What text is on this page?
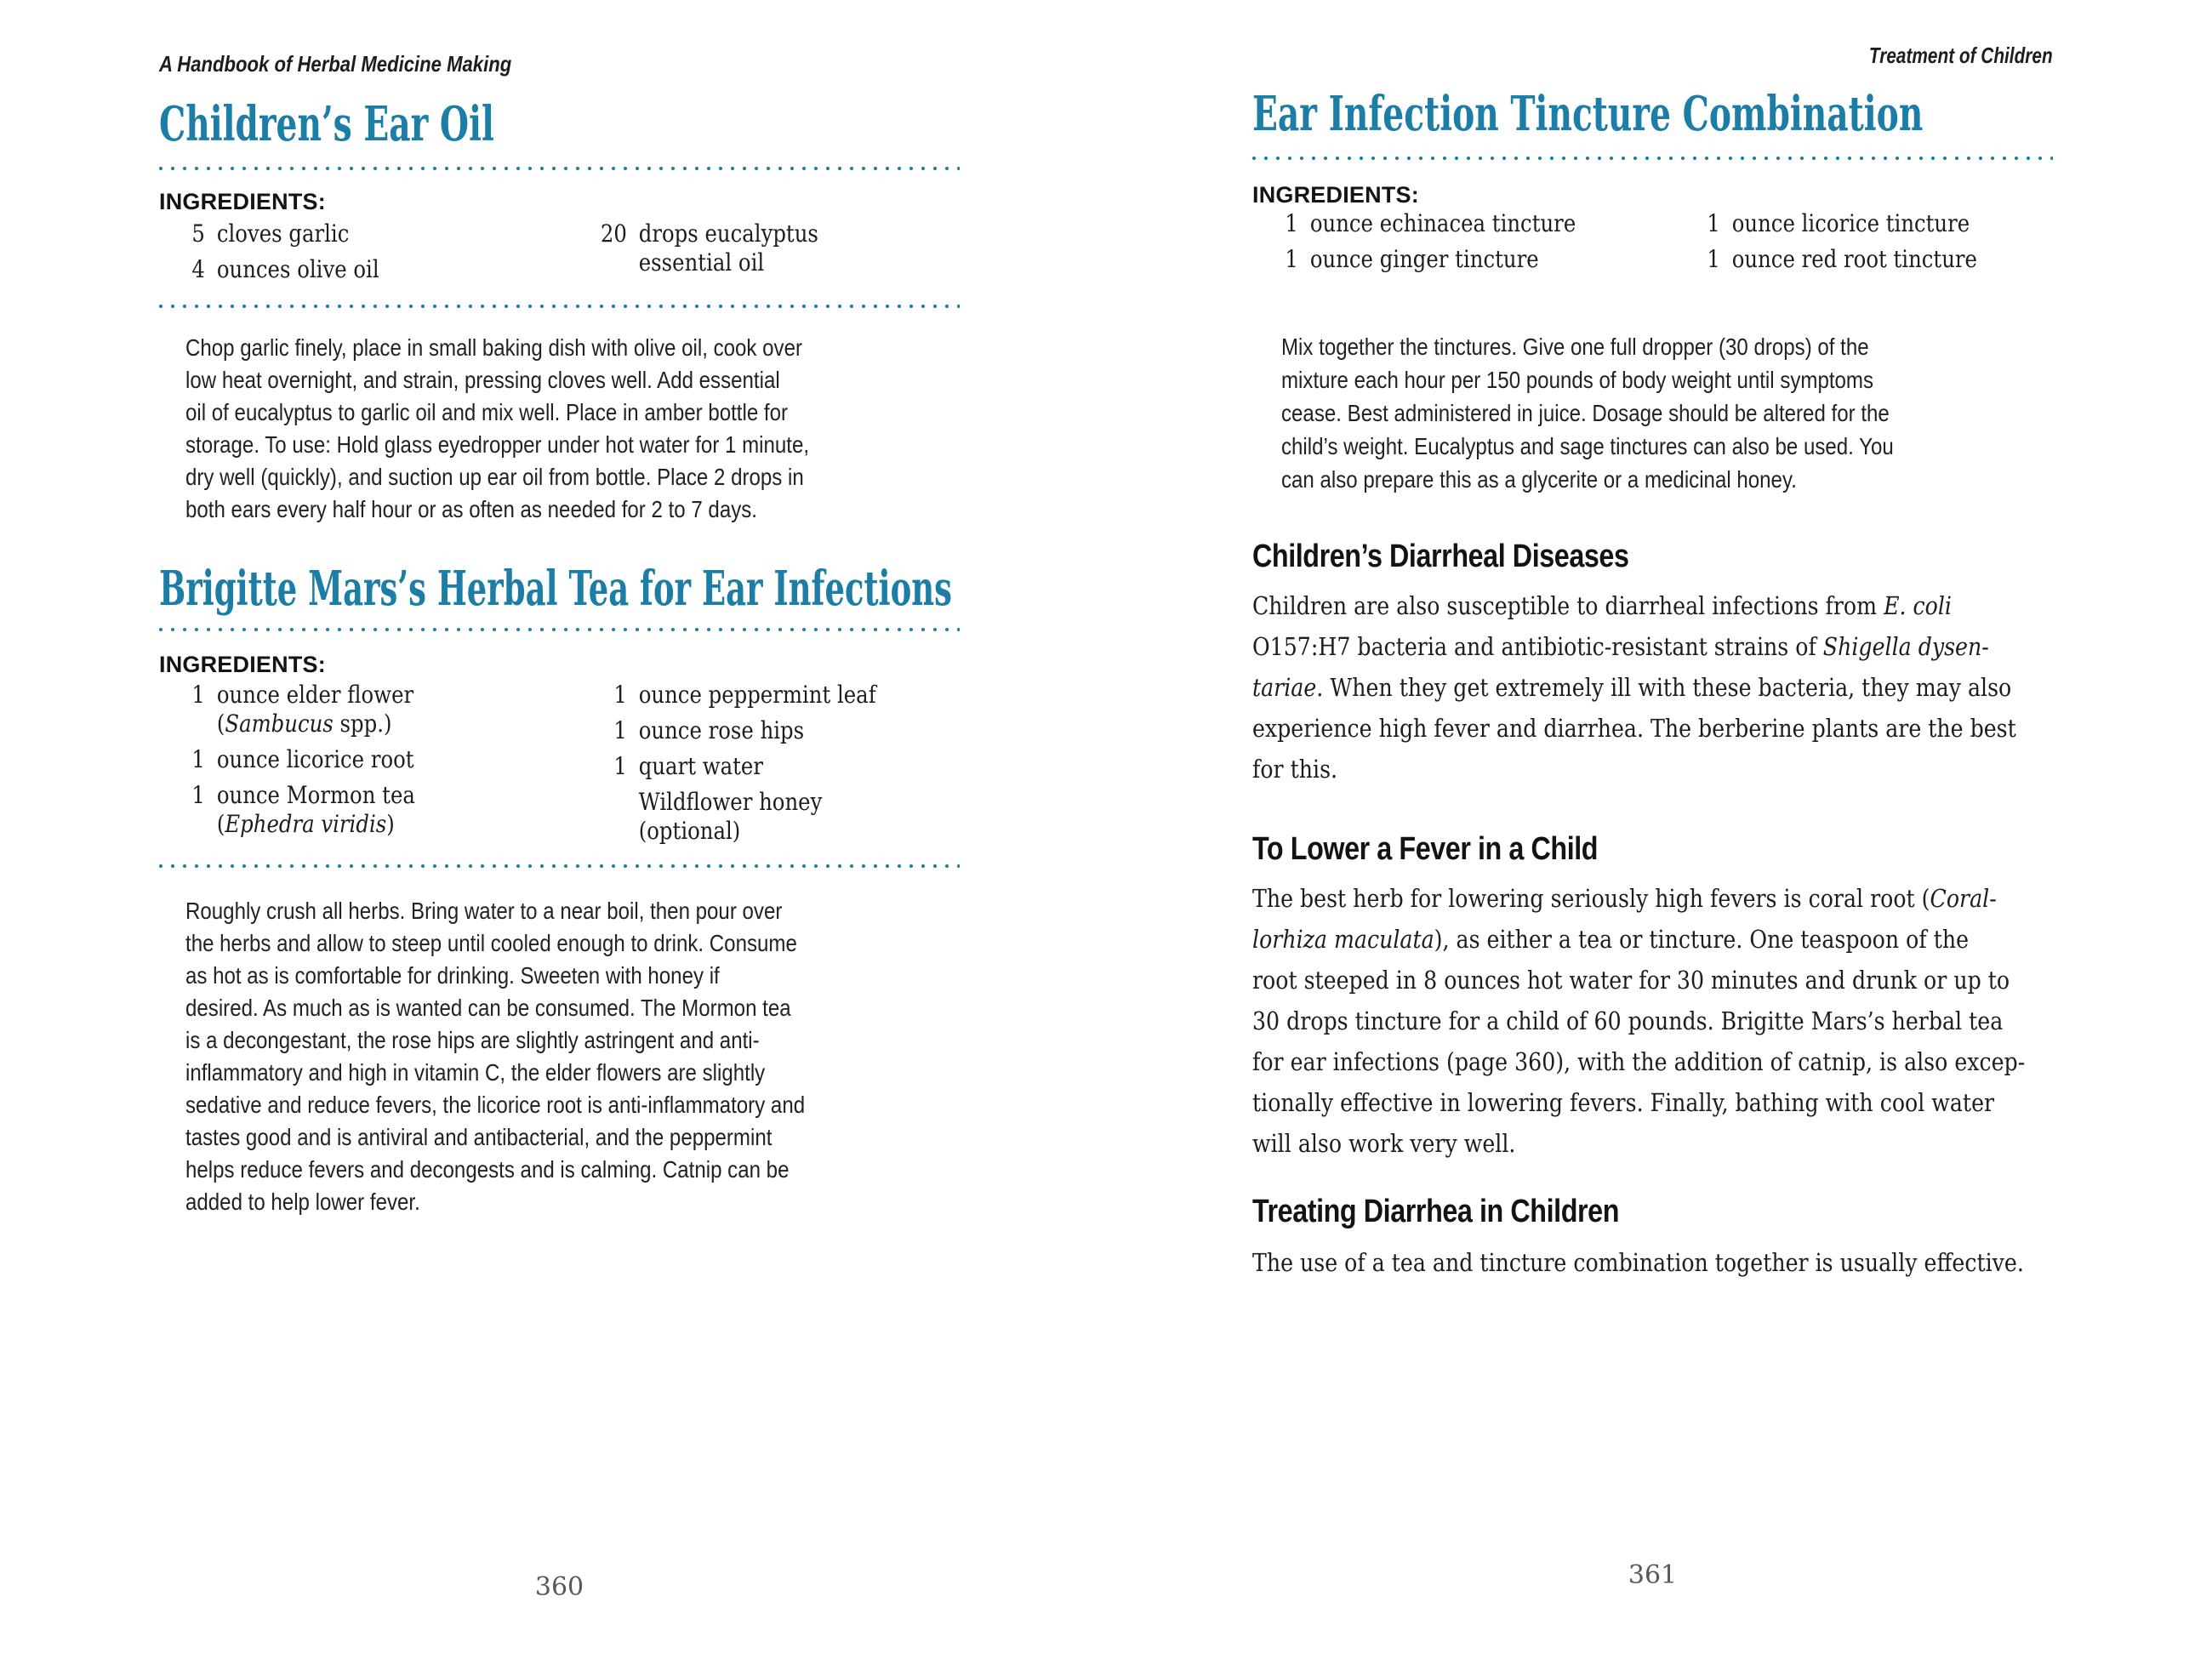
A Handbook of Herbal Medicine Making
Children’s Ear Oil
INGREDIENTS:
5 cloves garlic
4 ounces olive oil
20 drops eucalyptus
essential oil
Chop garlic finely, place in small baking dish with olive oil, cook over
low heat overnight, and strain, pressing cloves well. Add essential
oil of eucalyptus to garlic oil and mix well. Place in amber bottle for
storage. To use: Hold glass eyedropper under hot water for 1 minute,
dry well (quickly), and suction up ear oil from bottle. Place 2 drops in
both ears every half hour or as often as needed for 2 to 7 days.
Brigitte Mars’s Herbal Tea for Ear Infections
INGREDIENTS:
1 ounce elder flower
(Sambucus spp.)
1 ounce licorice root
1 ounce Mormon tea
(Ephedra viridis)
1 ounce peppermint leaf
1 ounce rose hips
1 quart water
Wildflower honey
(optional)
Roughly crush all herbs. Bring water to a near boil, then pour over
the herbs and allow to steep until cooled enough to drink. Consume
as hot as is comfortable for drinking. Sweeten with honey if
desired. As much as is wanted can be consumed. The Mormon tea
is a decongestant, the rose hips are slightly astringent and anti-
inflammatory and high in vitamin C, the elder flowers are slightly
sedative and reduce fevers, the licorice root is anti-inflammatory and
tastes good and is antiviral and antibacterial, and the peppermint
helps reduce fevers and decongests and is calming. Catnip can be
added to help lower fever.
360
Treatment of Children
Ear Infection Tincture Combination
INGREDIENTS:
1 ounce echinacea tincture
1 ounce ginger tincture
1 ounce licorice tincture
1 ounce red root tincture
Mix together the tinctures. Give one full dropper (30 drops) of the
mixture each hour per 150 pounds of body weight until symptoms
cease. Best administered in juice. Dosage should be altered for the
child’s weight. Eucalyptus and sage tinctures can also be used. You
can also prepare this as a glycerite or a medicinal honey.
Children’s Diarrheal Diseases
Children are also susceptible to diarrheal infections from E. coli
O157:H7 bacteria and antibiotic-resistant strains of Shigella dysen-
tariae. When they get extremely ill with these bacteria, they may also
experience high fever and diarrhea. The berberine plants are the best
for this.
To Lower a Fever in a Child
The best herb for lowering seriously high fevers is coral root (Coral-
lorhiza maculata), as either a tea or tincture. One teaspoon of the
root steeped in 8 ounces hot water for 30 minutes and drunk or up to
30 drops tincture for a child of 60 pounds. Brigitte Mars’s herbal tea
for ear infections (page 360), with the addition of catnip, is also excep-
tionally effective in lowering fevers. Finally, bathing with cool water
will also work very well.
Treating Diarrhea in Children
The use of a tea and tincture combination together is usually effective.
361
